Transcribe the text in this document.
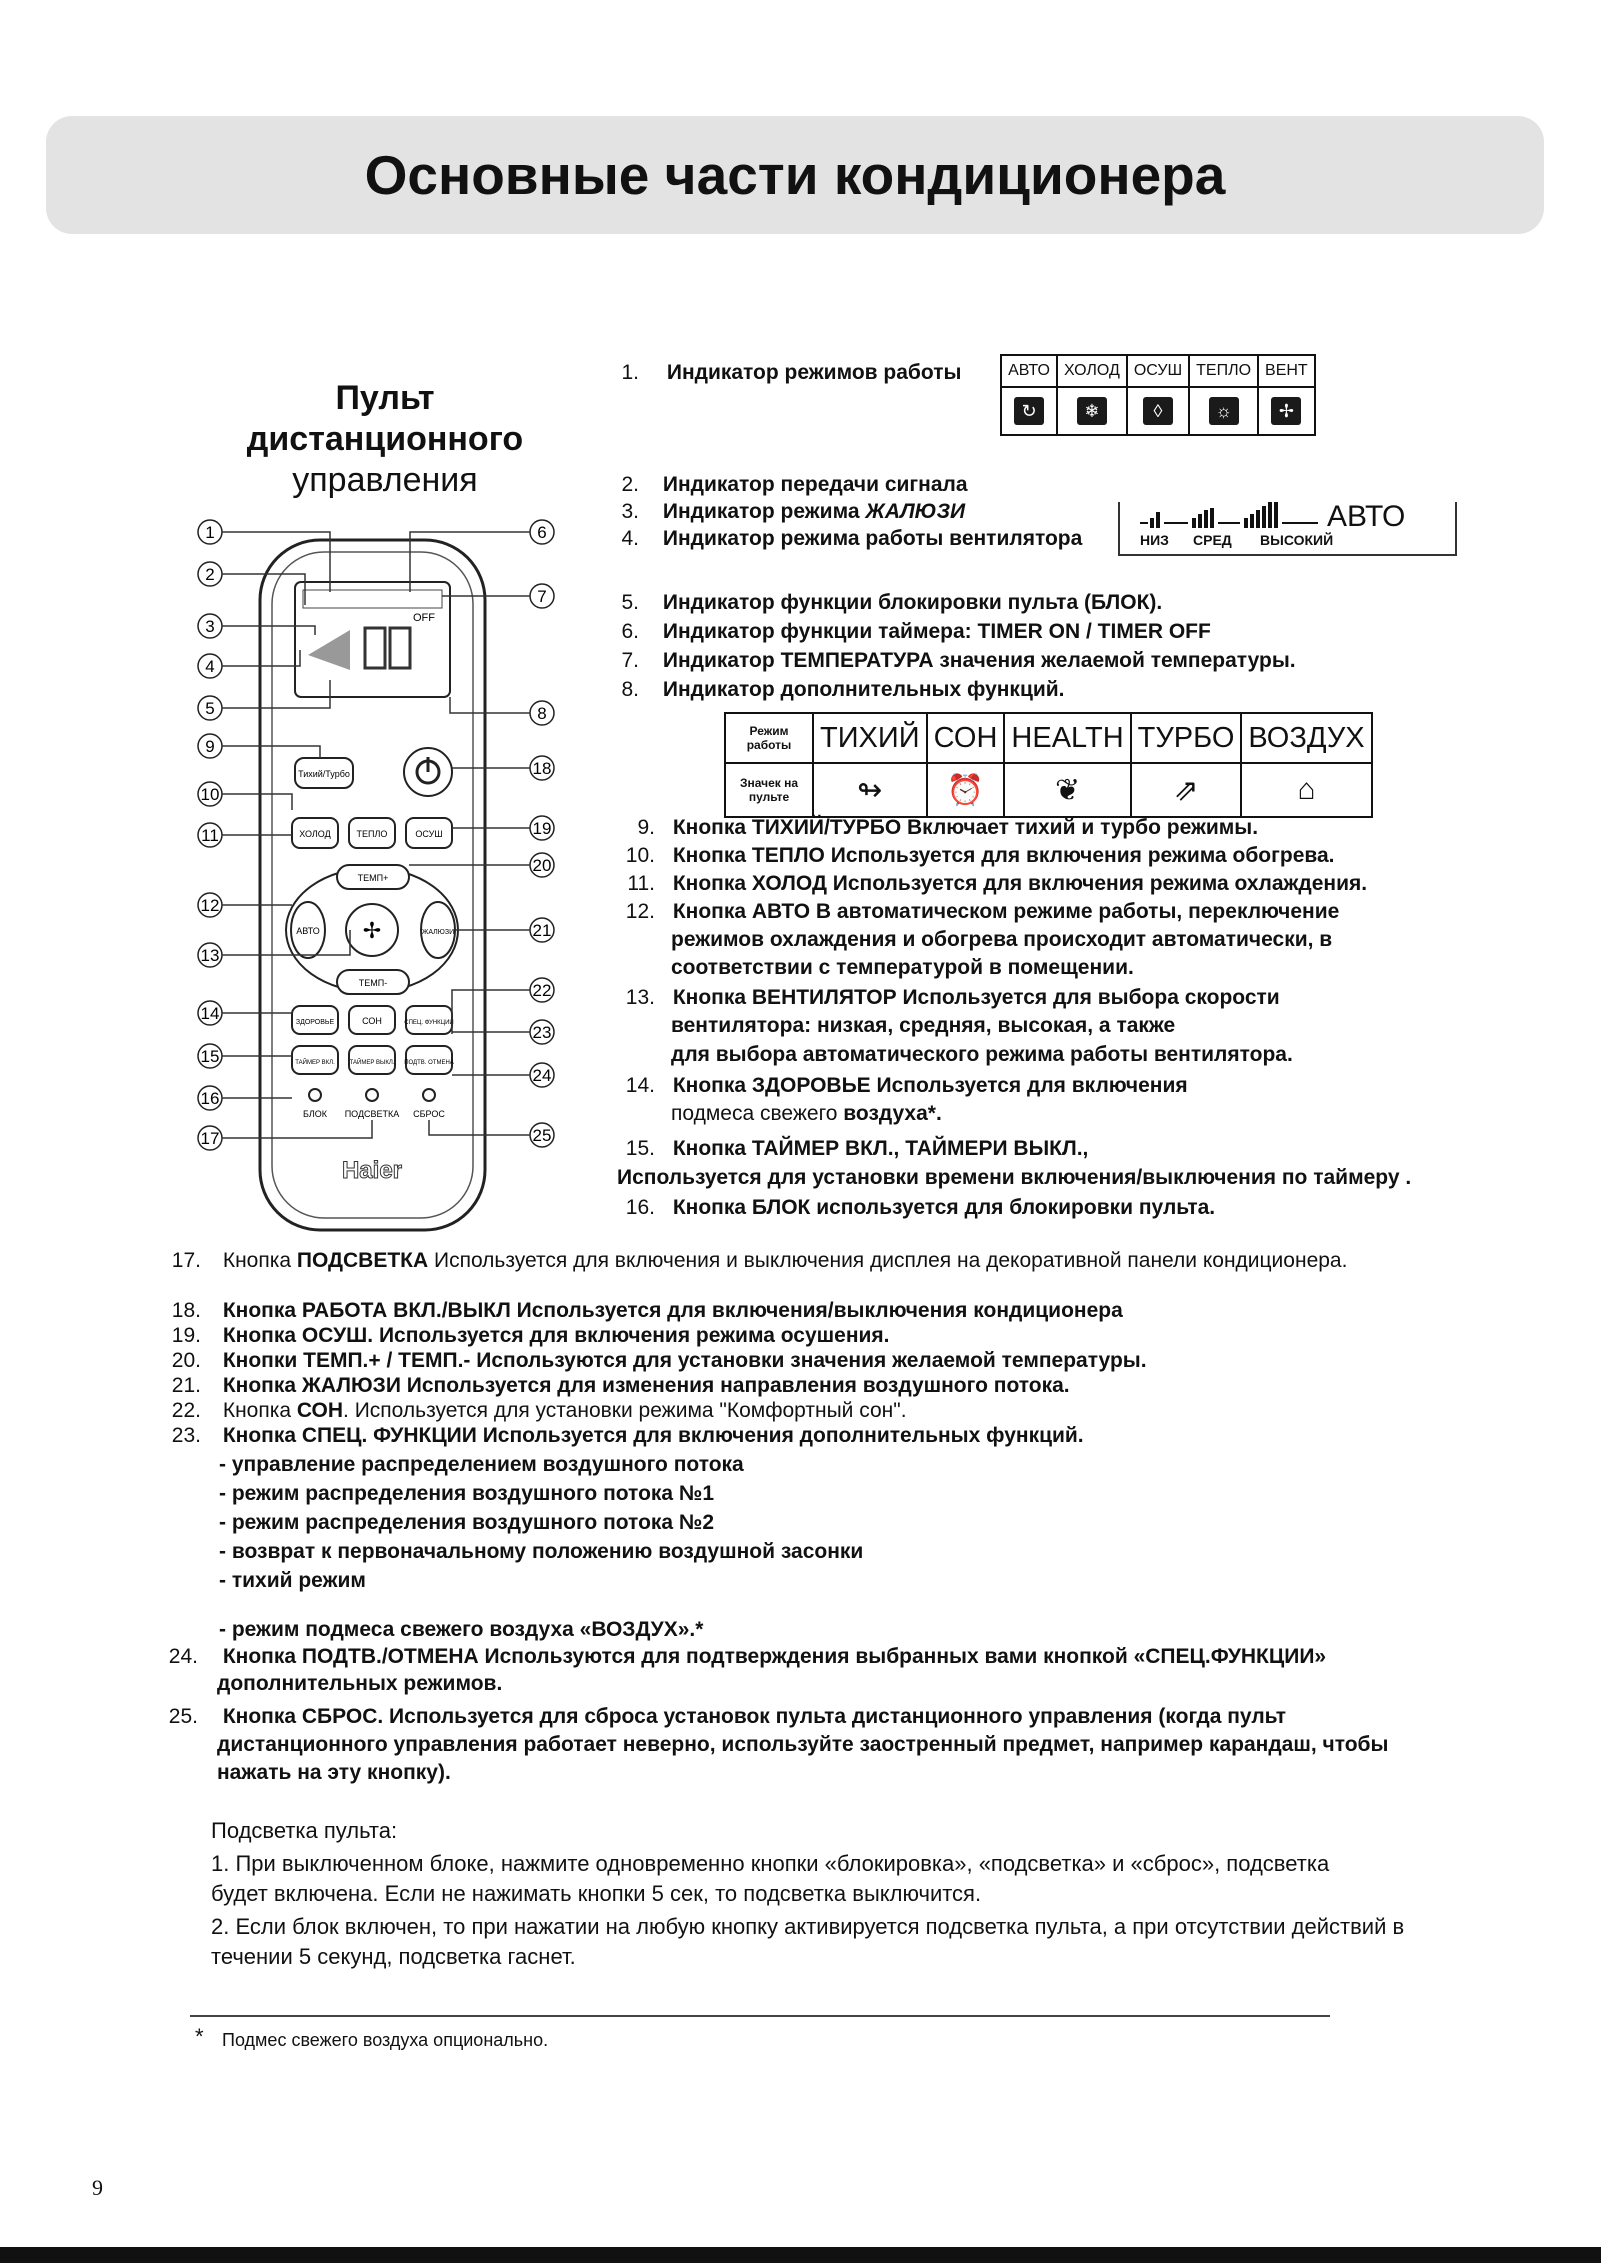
Основные части кондиционера
Пульт
дистанционного
управления
OFF
Тихий/Турбо
ХОЛОД	ТЕПЛО	ОСУШ
ТЕМП+
ТЕМП-
АВТО	ЖАЛЮЗИ
✢
ЗДОРОВЬЕ	СОН	СПЕЦ. ФУНКЦИИ
ТАЙМЕР ВКЛ. ТАЙМЕР ВЫКЛ. ПОДТВ. ОТМЕНА
БЛОК ПОДСВЕТКА СБРОС
Haier
1
2
3
4
5
9
10
11
12
13
14
15
16
17
6
7
8
18
19
20
21
22
23
24
25
1. Индикатор режимов работы	АВТО	ХОЛОД	ОСУШ	ТЕПЛО	ВЕНТ
↻	❄	◊	☼	✢
2. Индикатор передачи сигнала
3. Индикатор режима ЖАЛЮЗИ
4. Индикатор режима работы вентилятора
АВТО
НИЗ СРЕД ВЫСОКИЙ
5. Индикатор функции блокировки пульта (БЛОК).
6. Индикатор функции таймера: TIMER ON / TIMER OFF
7. Индикатор ТЕМПЕРАТУРА значения желаемой температуры.
8. Индикатор дополнительных функций.
Режим работы	ТИХИЙ	СОН	HEALTH	ТУРБО	ВОЗДУХ
Значек на пульте	↬	⏰	❦	⇗	⌂
9. Кнопка ТИХИЙ/ТУРБО Включает тихий и турбо режимы.
10. Кнопка ТЕПЛО Используется для включения режима обогрева.
11. Кнопка ХОЛОД Используется для включения режима охлаждения.
12. Кнопка АВТО В автоматическом режиме работы, переключение
режимов охлаждения и обогрева происходит автоматически, в
соответствии с температурой в помещении.
13. Кнопка ВЕНТИЛЯТОР Используется для выбора скорости
вентилятора: низкая, средняя, высокая, а также
для выбора автоматического режима работы вентилятора.
14. Кнопка ЗДОРОВЬЕ Используется для включения
подмеса свежего воздуха*.
15. Кнопка ТАЙМЕР ВКЛ., ТАЙМЕРИ ВЫКЛ.,
Используется для установки времени включения/выключения по таймеру .
16. Кнопка БЛОК используется для блокировки пульта.
17. Кнопка ПОДСВЕТКА Используется для включения и выключения дисплея на декоративной панели кондиционера.
18. Кнопка РАБОТА ВКЛ./ВЫКЛ Используется для включения/выключения кондиционера
19. Кнопка ОСУШ. Используется для включения режима осушения.
20. Кнопки ТЕМП.+ / ТЕМП.- Используются для установки значения желаемой температуры.
21. Кнопка ЖАЛЮЗИ Используется для изменения направления воздушного потока.
22. Кнопка СОН. Используется для установки режима "Комфортный сон".
23. Кнопка СПЕЦ. ФУНКЦИИ Используется для включения дополнительных функций.
- управление распределением воздушного потока
- режим распределения воздушного потока №1
- режим распределения воздушного потока №2
- возврат к первоначальному положению воздушной засонки
- тихий режим
- режим подмеса свежего воздуха «ВОЗДУХ».*
24. Кнопка ПОДТВ./ОТМЕНА Используются для подтверждения выбранных вами кнопкой «СПЕЦ.ФУНКЦИИ»
дополнительных режимов.
25. Кнопка СБРОС. Используется для сброса установок пульта дистанционного управления (когда пульт
дистанционного управления работает неверно, используйте заостренный предмет, например карандаш, чтобы
нажать на эту кнопку).
Подсветка пульта:
1. При выключенном блоке, нажмите одновременно кнопки «блокировка», «подсветка» и «сброс», подсветка
будет включена. Если не нажимать кнопки 5 сек, то подсветка выключится.
2. Если блок включен, то при нажатии на любую кнопку активируется подсветка пульта, а при отсутствии действий в
течении 5 секунд, подсветка гаснет.
* Подмес свежего воздуха опционально.
9
